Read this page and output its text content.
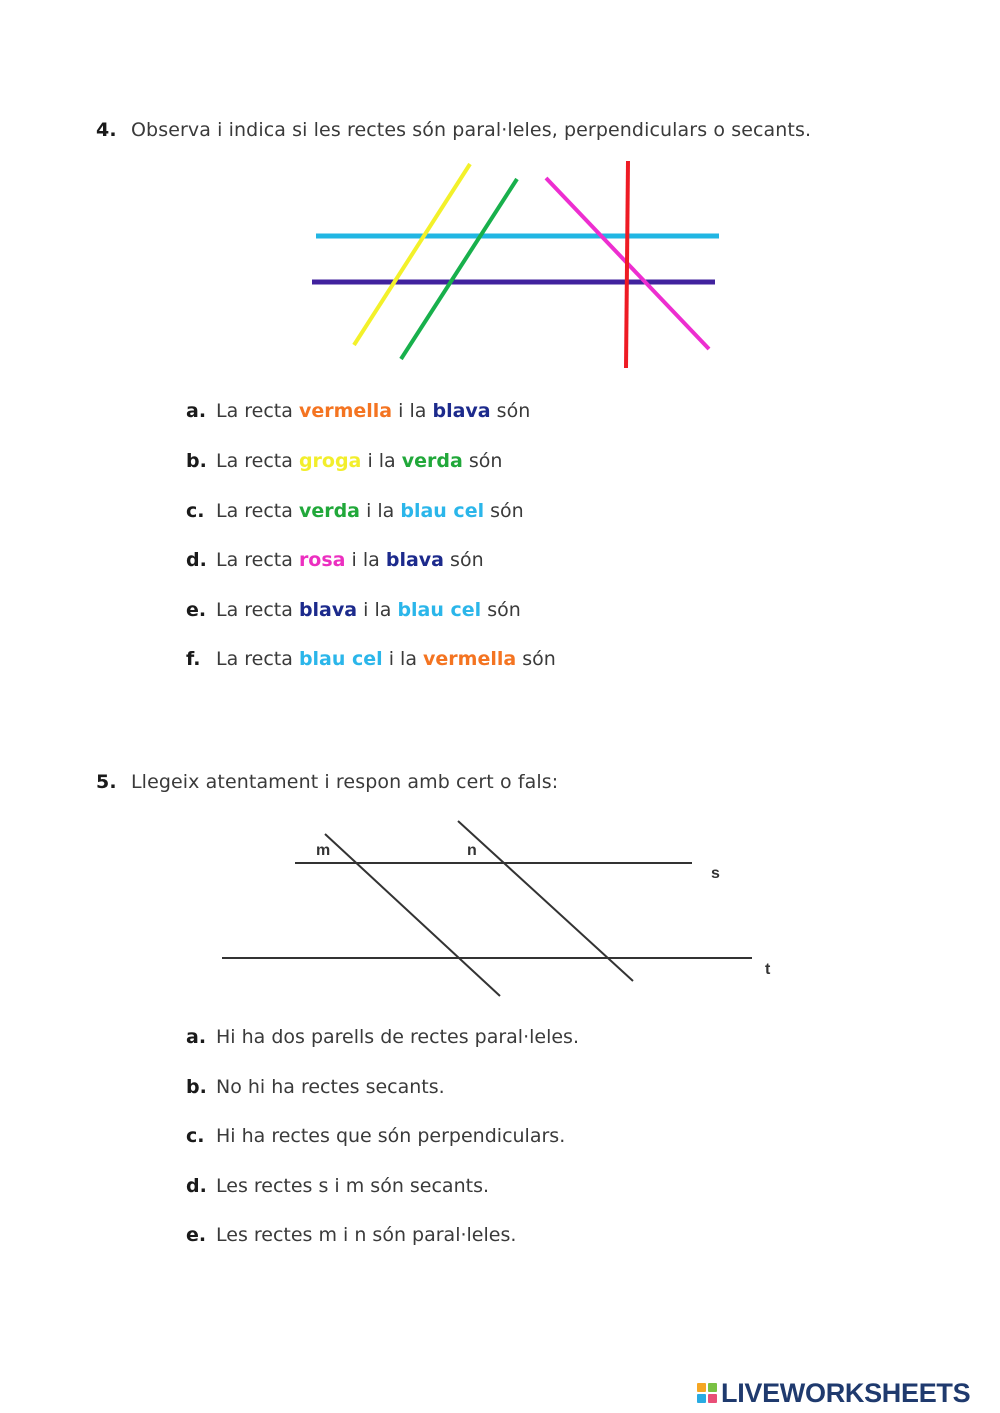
4. Observa i indica si les rectes són paral·leles, perpendiculars o secants.
m	n
s
t
a. La recta vermella i la blava són
b. La recta groga i la verda són
c. La recta verda i la blau cel són
d. La recta rosa i la blava són
e. La recta blava i la blau cel són
f. La recta blau cel i la vermella són
5. Llegeix atentament i respon amb cert o fals:
a. Hi ha dos parells de rectes paral·leles.
b. No hi ha rectes secants.
c. Hi ha rectes que són perpendiculars.
d. Les rectes s i m són secants.
e. Les rectes m i n són paral·leles.
LIVEWORKSHEETS
